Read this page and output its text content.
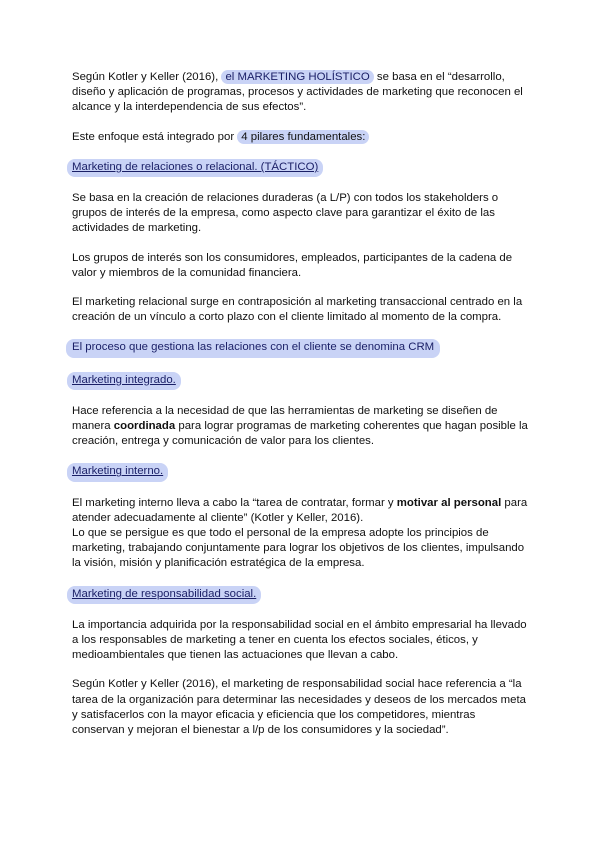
Según Kotler y Keller (2016), el MARKETING HOLÍSTICO se basa en el “desarrollo, diseño y aplicación de programas, procesos y actividades de marketing que reconocen el alcance y la interdependencia de sus efectos”.

Este enfoque está integrado por 4 pilares fundamentales:

Marketing de relaciones o relacional. (TÁCTICO)

Se basa en la creación de relaciones duraderas (a L/P) con todos los stakeholders o grupos de interés de la empresa, como aspecto clave para garantizar el éxito de las actividades de marketing.

Los grupos de interés son los consumidores, empleados, participantes de la cadena de valor y miembros de la comunidad financiera.

El marketing relacional surge en contraposición al marketing transaccional centrado en la creación de un vínculo a corto plazo con el cliente limitado al momento de la compra.

El proceso que gestiona las relaciones con el cliente se denomina CRM

Marketing integrado.

Hace referencia a la necesidad de que las herramientas de marketing se diseñen de manera coordinada para lograr programas de marketing coherentes que hagan posible la creación, entrega y comunicación de valor para los clientes.

Marketing interno.

El marketing interno lleva a cabo la “tarea de contratar, formar y motivar al personal para atender adecuadamente al cliente” (Kotler y Keller, 2016).

Lo que se persigue es que todo el personal de la empresa adopte los principios de marketing, trabajando conjuntamente para lograr los objetivos de los clientes, impulsando la visión, misión y planificación estratégica de la empresa.

Marketing de responsabilidad social.

La importancia adquirida por la responsabilidad social en el ámbito empresarial ha llevado a los responsables de marketing a tener en cuenta los efectos sociales, éticos, y medioambientales que tienen las actuaciones que llevan a cabo.

Según Kotler y Keller (2016), el marketing de responsabilidad social hace referencia a “la tarea de la organización para determinar las necesidades y deseos de los mercados meta y satisfacerlos con la mayor eficacia y eficiencia que los competidores, mientras conservan y mejoran el bienestar a l/p de los consumidores y la sociedad”.
